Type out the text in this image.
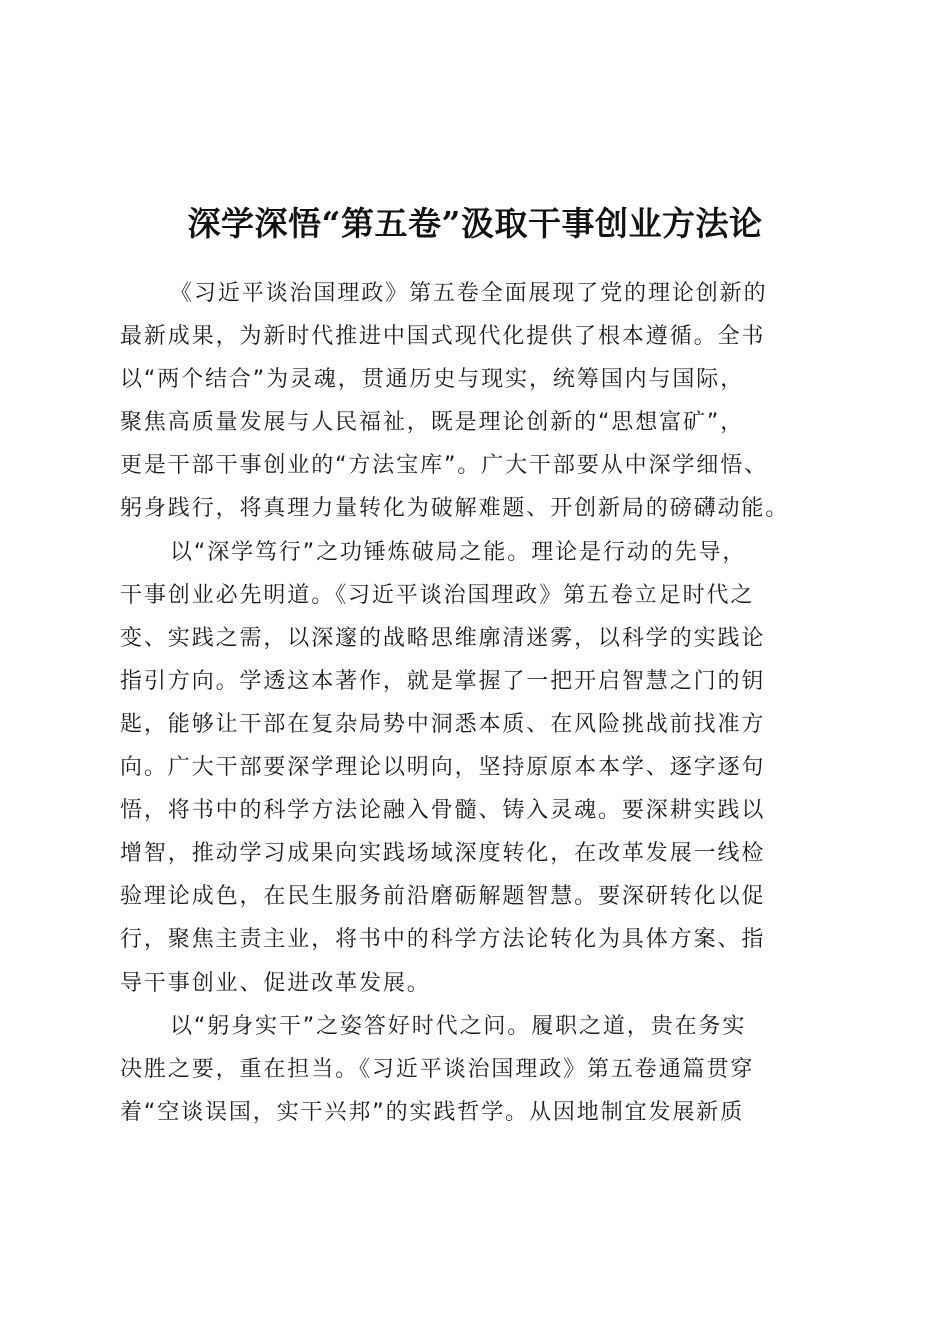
深学深悟“第五卷”汲取干事创业方法论
《习近平谈治国理政》第五卷全面展现了党的理论创新的
最新成果，为新时代推进中国式现代化提供了根本遵循。全书
以“两个结合”为灵魂，贯通历史与现实，统筹国内与国际，
聚焦高质量发展与人民福祉，既是理论创新的“思想富矿”，
更是干部干事创业的“方法宝库”。广大干部要从中深学细悟、
躬身践行，将真理力量转化为破解难题、开创新局的磅礴动能。
以“深学笃行”之功锤炼破局之能。理论是行动的先导，
干事创业必先明道。《习近平谈治国理政》第五卷立足时代之
变、实践之需，以深邃的战略思维廓清迷雾，以科学的实践论
指引方向。学透这本著作，就是掌握了一把开启智慧之门的钥
匙，能够让干部在复杂局势中洞悉本质、在风险挑战前找准方
向。广大干部要深学理论以明向，坚持原原本本学、逐字逐句
悟，将书中的科学方法论融入骨髓、铸入灵魂。要深耕实践以
增智，推动学习成果向实践场域深度转化，在改革发展一线检
验理论成色，在民生服务前沿磨砺解题智慧。要深研转化以促
行，聚焦主责主业，将书中的科学方法论转化为具体方案、指
导干事创业、促进改革发展。
以“躬身实干”之姿答好时代之问。履职之道，贵在务实
决胜之要，重在担当。《习近平谈治国理政》第五卷通篇贯穿
着“空谈误国，实干兴邦”的实践哲学。从因地制宜发展新质
